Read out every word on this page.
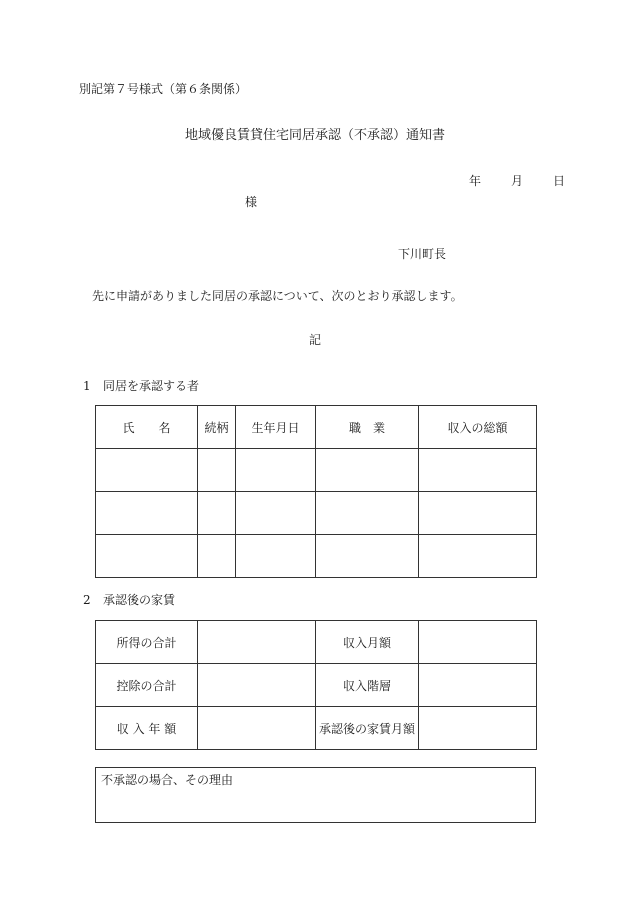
別記第７号様式（第６条関係）
地域優良賃貸住宅同居承認（不承認）通知書
年	月	日
様
下川町長
先に申請がありました同居の承認について、次のとおり承認します。
記
1 同居を承認する者
氏　　名	続柄	生年月日	職　業	収入の総額

2 承認後の家賃
所得の合計		収入月額	
控除の合計		収入階層	
収 入 年 額		承認後の家賃月額	
不承認の場合、その理由
